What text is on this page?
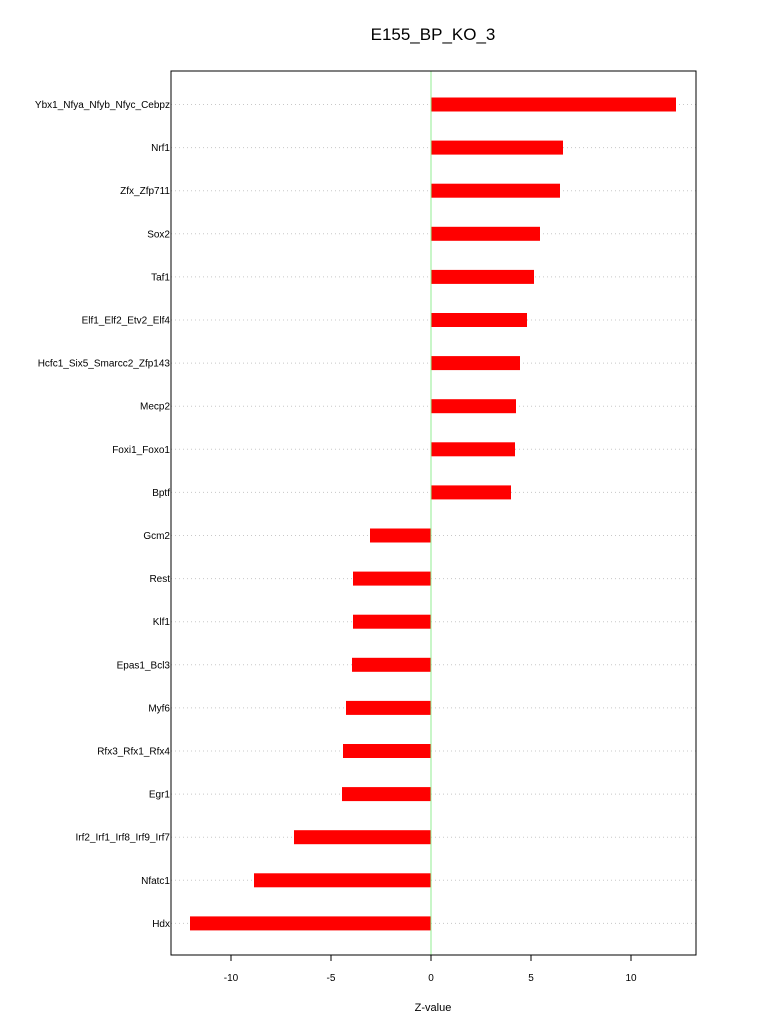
E155_BP_KO_3
Ybx1_Nfya_Nfyb_Nfyc_Cebpz
Nrf1
Zfx_Zfp711
Sox2
Taf1
Elf1_Elf2_Etv2_Elf4
Hcfc1_Six5_Smarcc2_Zfp143
Mecp2
Foxi1_Foxo1
Bptf
Gcm2
Rest
Klf1
Epas1_Bcl3
Myf6
Rfx3_Rfx1_Rfx4
Egr1
Irf2_Irf1_Irf8_Irf9_Irf7
Nfatc1
Hdx
-10	-5	0	5	10
Z-value
